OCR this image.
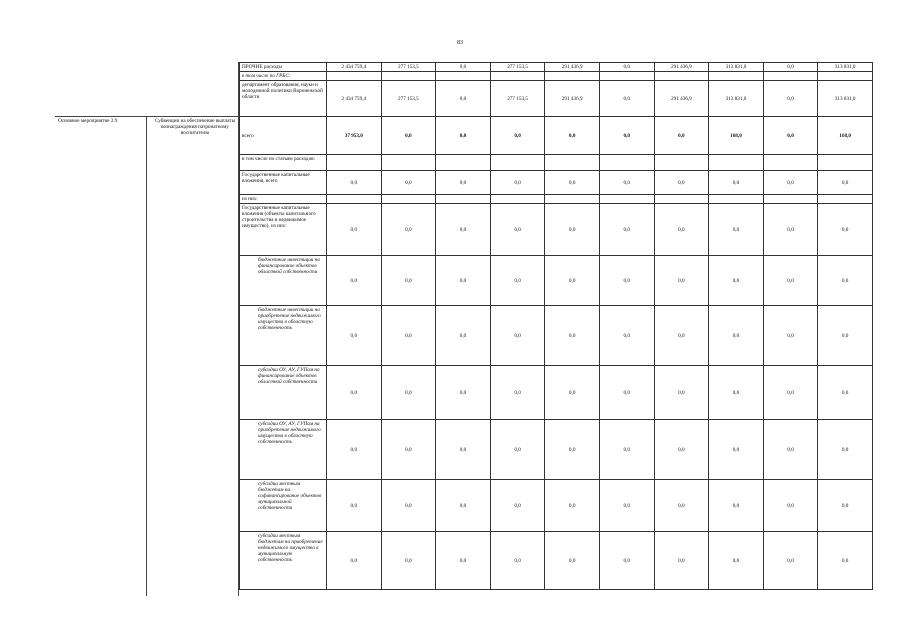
83
Основное мероприятие 2.9	Субвенции на обеспечение выплаты вознаграждения патронатному воспитателю
ПРОЧИЕ расходы	2 434 759,4	277 153,5	0,0	277 153,5	291 436,9	0,0	291 436,9	313 831,0	0,0	313 831,0
в том числе по ГРБС:										
департамент образования, науки и молодежной политики Воронежской области	2 434 759,4	277 153,5	0,0	277 153,5	291 436,9	0,0	291 436,9	313 831,0	0,0	313 831,0
всего	37 953,0	0,0	0,0	0,0	0,0	0,0	0,0	168,0	0,0	168,0
в том числе по статьям расходов:										
Государственные капитальные вложения, всего	0,0	0,0	0,0	0,0	0,0	0,0	0,0	0,0	0,0	0,0
из них:										
Государственные капитальные вложения (объекты капитального строительства и недвижимое имущество), из них:	0,0	0,0	0,0	0,0	0,0	0,0	0,0	0,0	0,0	0,0
бюджетные инвестиции на финансирование объектов областной собственности	0,0	0,0	0,0	0,0	0,0	0,0	0,0	0,0	0,0	0,0
бюджетные инвестиции на приобретение недвижимого имущества в областную собственность	0,0	0,0	0,0	0,0	0,0	0,0	0,0	0,0	0,0	0,0
субсидии ОУ, АУ, ГУПам на финансирование объектов областной собственности	0,0	0,0	0,0	0,0	0,0	0,0	0,0	0,0	0,0	0,0
субсидии ОУ, АУ, ГУПам на приобретение недвижимого имущества в областную собственность	0,0	0,0	0,0	0,0	0,0	0,0	0,0	0,0	0,0	0,0
субсидии местным бюджетам на софинансирование объектов муниципальной собственности	0,0	0,0	0,0	0,0	0,0	0,0	0,0	0,0	0,0	0,0
субсидии местным бюджетам на приобретение недвижимого имущества в муниципальную собственность	0,0	0,0	0,0	0,0	0,0	0,0	0,0	0,0	0,0	0,0
